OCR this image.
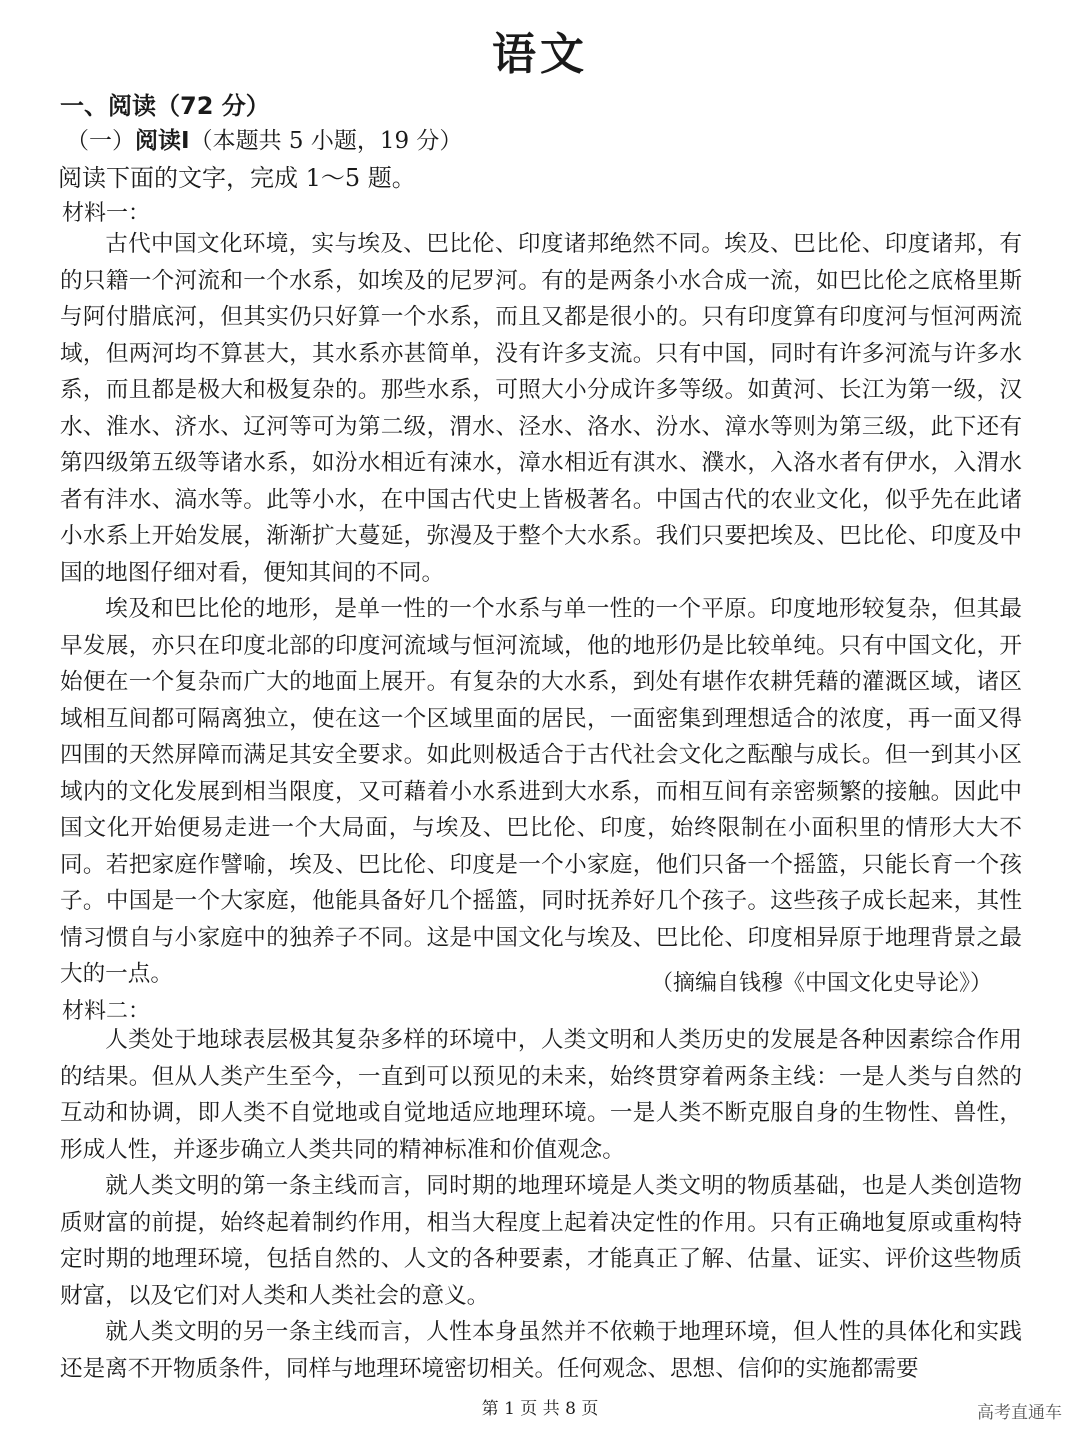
语文
一、阅读（72 分）
（一）阅读Ⅰ（本题共 5 小题，19 分）
阅读下面的文字，完成 1～5 题。
材料一：

古代中国文化环境，实与埃及、巴比伦、印度诸邦绝然不同。埃及、巴比伦、印度诸邦，有的只籍一个河流和一个水系，如埃及的尼罗河。有的是两条小水合成一流，如巴比伦之底格里斯与阿付腊底河，但其实仍只好算一个水系，而且又都是很小的。只有印度算有印度河与恒河两流域，但两河均不算甚大，其水系亦甚简单，没有许多支流。只有中国，同时有许多河流与许多水系，而且都是极大和极复杂的。那些水系，可照大小分成许多等级。如黄河、长江为第一级，汉水、淮水、济水、辽河等可为第二级，渭水、泾水、洛水、汾水、漳水等则为第三级，此下还有第四级第五级等诸水系，如汾水相近有涑水，漳水相近有淇水、濮水，入洛水者有伊水，入渭水者有沣水、滈水等。此等小水，在中国古代史上皆极著名。中国古代的农业文化，似乎先在此诸小水系上开始发展，渐渐扩大蔓延，弥漫及于整个大水系。我们只要把埃及、巴比伦、印度及中国的地图仔细对看，便知其间的不同。

埃及和巴比伦的地形，是单一性的一个水系与单一性的一个平原。印度地形较复杂，但其最早发展，亦只在印度北部的印度河流域与恒河流域，他的地形仍是比较单纯。只有中国文化，开始便在一个复杂而广大的地面上展开。有复杂的大水系，到处有堪作农耕凭藉的灌溉区域，诸区域相互间都可隔离独立，使在这一个区域里面的居民，一面密集到理想适合的浓度，再一面又得四围的天然屏障而满足其安全要求。如此则极适合于古代社会文化之酝酿与成长。但一到其小区域内的文化发展到相当限度，又可藉着小水系进到大水系，而相互间有亲密频繁的接触。因此中国文化开始便易走进一个大局面，与埃及、巴比伦、印度，始终限制在小面积里的情形大大不同。若把家庭作譬喻，埃及、巴比伦、印度是一个小家庭，他们只备一个摇篮，只能长育一个孩子。中国是一个大家庭，他能具备好几个摇篮，同时抚养好几个孩子。这些孩子成长起来，其性情习惯自与小家庭中的独养子不同。这是中国文化与埃及、巴比伦、印度相异原于地理背景之最大的一点。	（摘编自钱穆《中国文化史导论》）
材料二：

人类处于地球表层极其复杂多样的环境中，人类文明和人类历史的发展是各种因素综合作用的结果。但从人类产生至今，一直到可以预见的未来，始终贯穿着两条主线：一是人类与自然的互动和协调，即人类不自觉地或自觉地适应地理环境。一是人类不断克服自身的生物性、兽性，形成人性，并逐步确立人类共同的精神标准和价值观念。

就人类文明的第一条主线而言，同时期的地理环境是人类文明的物质基础，也是人类创造物质财富的前提，始终起着制约作用，相当大程度上起着决定性的作用。只有正确地复原或重构特定时期的地理环境，包括自然的、人文的各种要素，才能真正了解、估量、证实、评价这些物质财富，以及它们对人类和人类社会的意义。

就人类文明的另一条主线而言，人性本身虽然并不依赖于地理环境，但人性的具体化和实践还是离不开物质条件，同样与地理环境密切相关。任何观念、思想、信仰的实施都需要

第 1 页 共 8 页	高考直通车
